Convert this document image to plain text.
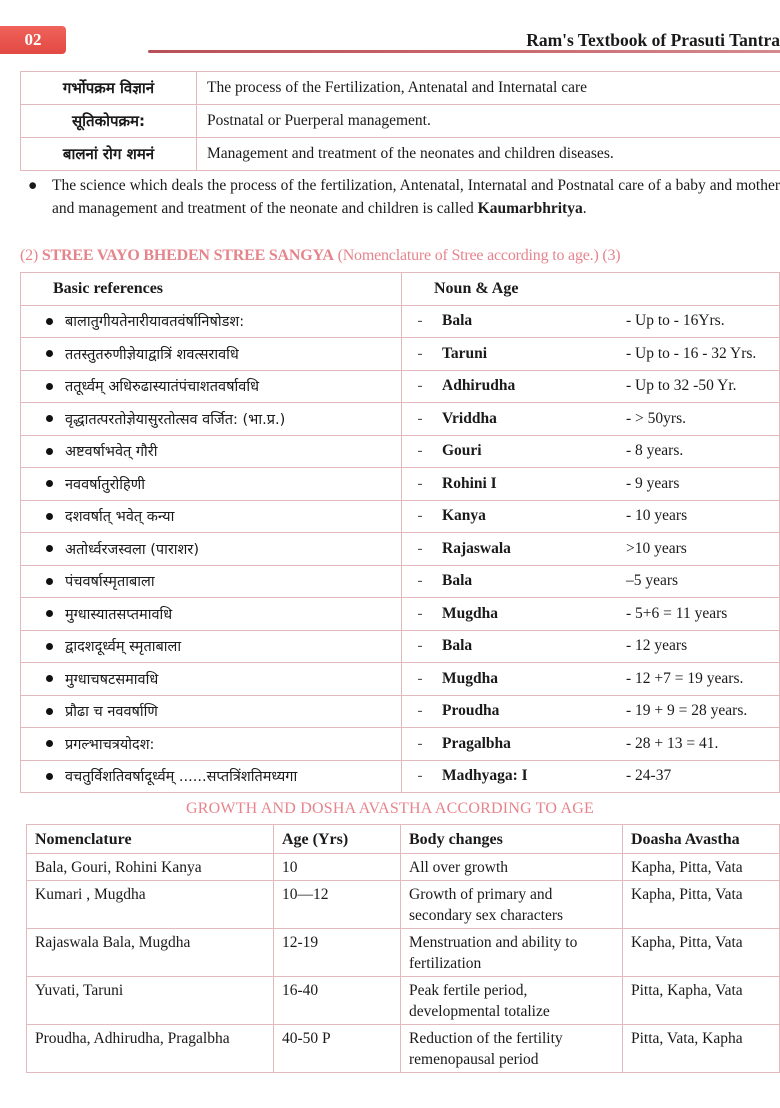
02	Ram's Textbook of Prasuti Tantra
गर्भोपक्रम विज्ञानं	The process of the Fertilization, Antenatal and Internatal care
सूतिकोपक्रम:	Postnatal or Puerperal management.
बालनां रोग शमनं	Management and treatment of the neonates and children diseases.
● The science which deals the process of the fertilization, Antenatal, Internatal and Postnatal care of a baby and mother and management and treatment of the neonate and children is called Kaumarbhritya.
(2) STREE VAYO BHEDEN STREE SANGYA (Nomenclature of Stree according to age.) (3)
Basic references	Noun & Age		
बालातुगीयतेनारीयावतवंर्षानिषोडश:	-	Bala	- Up to - 16Yrs.
ततस्तुतरुणीज्ञेयाद्वात्रिं शवत्सरावधि	-	Taruni	- Up to - 16 - 32 Yrs.
ततूर्ध्वम् अधिरुढास्यातंपंचाशतवर्षावधि	-	Adhirudha	- Up to 32 -50 Yr.
वृद्धातत्परतोज्ञेयासुरतोत्सव वर्जित: (भा.प्र.)	-	Vriddha	- > 50yrs.
अष्टवर्षाभवेत् गौरी	-	Gouri	- 8 years.
नववर्षातुरोहिणी	-	Rohini I	- 9 years
दशवर्षात् भवेत् कन्या	-	Kanya	- 10 years
अतोर्ध्वरजस्वला (पाराशर)	-	Rajaswala	>10 years
पंचवर्षास्मृताबाला	-	Bala	–5 years
मुग्धास्यातसप्तमावधि	-	Mugdha	- 5+6 = 11 years
द्वादशदूर्ध्वम् स्मृताबाला	-	Bala	- 12 years
मुग्धाचषटसमावधि	-	Mugdha	- 12 +7 = 19 years.
प्रौढा च नववर्षाणि	-	Proudha	- 19 + 9 = 28 years.
प्रगल्भाचत्रयोदश:	-	Pragalbha	- 28 + 13 = 41.
वचतुर्विशतिवर्षादूर्ध्वम् ......सप्तत्रिंशतिमध्यगा	-	Madhyaga: I	- 24-37
GROWTH AND DOSHA AVASTHA ACCORDING TO AGE
Nomenclature	Age (Yrs)	Body changes	Doasha Avastha
Bala, Gouri, Rohini Kanya	10	All over growth	Kapha, Pitta, Vata
Kumari , Mugdha	10—12	Growth of primary and secondary sex characters	Kapha, Pitta, Vata
Rajaswala Bala, Mugdha	12-19	Menstruation and ability to fertilization	Kapha, Pitta, Vata
Yuvati, Taruni	16-40	Peak fertile period, developmental totalize	Pitta, Kapha, Vata
Proudha, Adhirudha, Pragalbha	40-50 P	Reduction of the fertility remenopausal period	Pitta, Vata, Kapha
